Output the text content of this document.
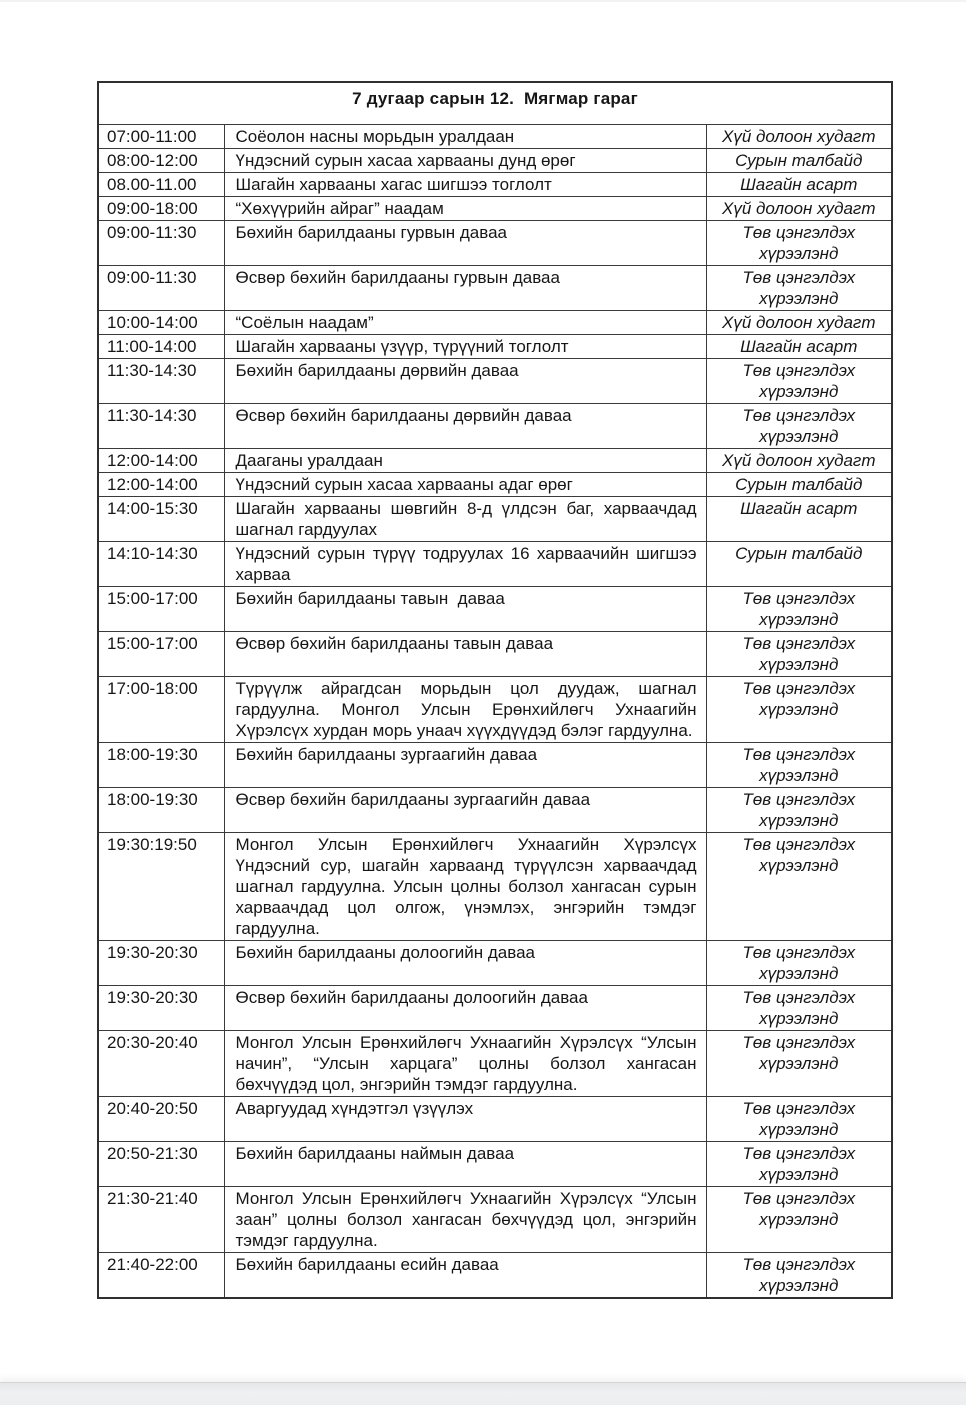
7 дугаар сарын 12.  Мягмар гараг		
07:00-11:00	Соёолон насны морьдын уралдаан	Хүй долоон худагт
08:00-12:00	Үндэсний сурын хасаа харвааны дунд өрөг	Сурын талбайд
08.00-11.00	Шагайн харвааны хагас шигшээ тоглолт	Шагайн асарт
09:00-18:00	“Хөхүүрийн айраг” наадам	Хүй долоон худагт
09:00-11:30	Бөхийн барилдааны гурвын даваа	Төв цэнгэлдэх хүрээлэнд
09:00-11:30	Өсвөр бөхийн барилдааны гурвын даваа	Төв цэнгэлдэх хүрээлэнд
10:00-14:00	“Соёлын наадам”	Хүй долоон худагт
11:00-14:00	Шагайн харвааны үзүүр, түрүүний тоглолт	Шагайн асарт
11:30-14:30	Бөхийн барилдааны дөрвийн даваа	Төв цэнгэлдэх хүрээлэнд
11:30-14:30	Өсвөр бөхийн барилдааны дөрвийн даваа	Төв цэнгэлдэх хүрээлэнд
12:00-14:00	Дааганы уралдаан	Хүй долоон худагт
12:00-14:00	Үндэсний сурын хасаа харвааны адаг өрөг	Сурын талбайд
14:00-15:30	Шагайн харвааны шөвгийн 8-д үлдсэн баг, харваачдад шагнал гардуулах	Шагайн асарт
14:10-14:30	Үндэсний сурын түрүү тодруулах 16 харваачийн шигшээ харваа	Сурын талбайд
15:00-17:00	Бөхийн барилдааны тавын  даваа	Төв цэнгэлдэх хүрээлэнд
15:00-17:00	Өсвөр бөхийн барилдааны тавын даваа	Төв цэнгэлдэх хүрээлэнд
17:00-18:00	Түрүүлж айрагдсан морьдын цол дуудаж, шагнал гардуулна. Монгол Улсын Ерөнхийлөгч Ухнаагийн Хүрэлсүх хурдан морь унаач хүүхдүүдэд бэлэг гардуулна.	Төв цэнгэлдэх хүрээлэнд
18:00-19:30	Бөхийн барилдааны зургаагийн даваа	Төв цэнгэлдэх хүрээлэнд
18:00-19:30	Өсвөр бөхийн барилдааны зургаагийн даваа	Төв цэнгэлдэх хүрээлэнд
19:30:19:50	Монгол Улсын Ерөнхийлөгч Ухнаагийн Хүрэлсүх Үндэсний сур, шагайн харваанд түрүүлсэн харваачдад шагнал гардуулна. Улсын цолны болзол хангасан сурын харваачдад цол олгож, үнэмлэх, энгэрийн тэмдэг гардуулна.	Төв цэнгэлдэх хүрээлэнд
19:30-20:30	Бөхийн барилдааны долоогийн даваа	Төв цэнгэлдэх хүрээлэнд
19:30-20:30	Өсвөр бөхийн барилдааны долоогийн даваа	Төв цэнгэлдэх хүрээлэнд
20:30-20:40	Монгол Улсын Ерөнхийлөгч Ухнаагийн Хүрэлсүх “Улсын начин”, “Улсын харцага” цолны болзол хангасан бөхчүүдэд цол, энгэрийн тэмдэг гардуулна.	Төв цэнгэлдэх хүрээлэнд
20:40-20:50	Аваргуудад хүндэтгэл үзүүлэх	Төв цэнгэлдэх хүрээлэнд
20:50-21:30	Бөхийн барилдааны наймын даваа	Төв цэнгэлдэх хүрээлэнд
21:30-21:40	Монгол Улсын Ерөнхийлөгч Ухнаагийн Хүрэлсүх “Улсын заан” цолны болзол хангасан бөхчүүдэд цол, энгэрийн тэмдэг гардуулна.	Төв цэнгэлдэх хүрээлэнд
21:40-22:00	Бөхийн барилдааны есийн даваа	Төв цэнгэлдэх хүрээлэнд
